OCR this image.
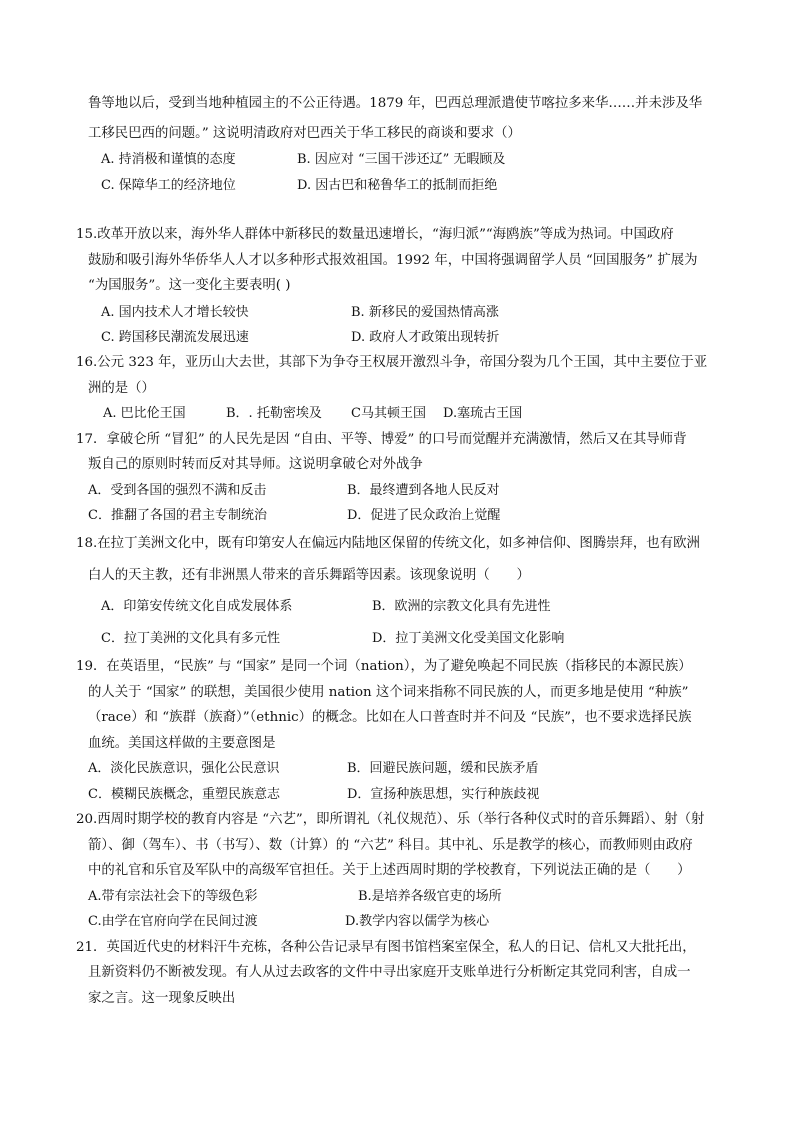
鲁等地以后，受到当地种植园主的不公正待遇。1879 年，巴西总理派遣使节喀拉多来华……并未涉及华
工移民巴西的问题。” 这说明清政府对巴西关于华工移民的商谈和要求（）
A. 持消极和谨慎的态度	B. 因应对 “三国干涉还辽” 无暇顾及
C. 保障华工的经济地位	D. 因古巴和秘鲁华工的抵制而拒绝
15.改革开放以来，海外华人群体中新移民的数量迅速增长，“海归派”“海鸥族”等成为热词。中国政府
鼓励和吸引海外华侨华人人才以多种形式报效祖国。1992 年，中国将强调留学人员 “回国服务” 扩展为
“为国服务”。这一变化主要表明( )
A. 国内技术人才增长较快	B. 新移民的爱国热情高涨
C. 跨国移民潮流发展迅速	D. 政府人才政策出现转折
16.公元 323 年，亚历山大去世，其部下为争夺王权展开激烈斗争，帝国分裂为几个王国，其中主要位于亚
洲的是（）
A. 巴比伦王国	B．. 托勒密埃及 C马其顿王国 D.塞琉古王国
17．拿破仑所 “冒犯” 的人民先是因 “自由、平等、博爱” 的口号而觉醒并充满激情，然后又在其导师背
叛自己的原则时转而反对其导师。这说明拿破仑对外战争
A．受到各国的强烈不满和反击	B．最终遭到各地人民反对
C．推翻了各国的君主专制统治	D．促进了民众政治上觉醒
18.在拉丁美洲文化中，既有印第安人在偏远内陆地区保留的传统文化，如多神信仰、图腾崇拜，也有欧洲
白人的天主教，还有非洲黑人带来的音乐舞蹈等因素。该现象说明（　　）
A．印第安传统文化自成发展体系	B．欧洲的宗教文化具有先进性
C．拉丁美洲的文化具有多元性	D．拉丁美洲文化受美国文化影响
19．在英语里，“民族” 与 “国家” 是同一个词（nation），为了避免唤起不同民族（指移民的本源民族）
的人关于 “国家” 的联想，美国很少使用 nation 这个词来指称不同民族的人，而更多地是使用 “种族”
（race）和 “族群（族裔）”（ethnic）的概念。比如在人口普查时并不问及 “民族”，也不要求选择民族
血统。美国这样做的主要意图是
A．淡化民族意识，强化公民意识	B．回避民族问题，缓和民族矛盾
C．模糊民族概念，重塑民族意志	D．宣扬种族思想，实行种族歧视
20.西周时期学校的教育内容是 “六艺”，即所谓礼（礼仪规范）、乐（举行各种仪式时的音乐舞蹈）、射（射
箭）、御（驾车）、书（书写）、数（计算）的 “六艺” 科目。其中礼、乐是教学的核心，而教师则由政府
中的礼官和乐官及军队中的高级军官担任。关于上述西周时期的学校教育，下列说法正确的是（　　）
A.带有宗法社会下的等级色彩	B.是培养各级官吏的场所
C.由学在官府向学在民间过渡	D.教学内容以儒学为核心
21．英国近代史的材料汗牛充栋，各种公告记录早有图书馆档案室保全，私人的日记、信札又大批托出，
且新资料仍不断被发现。有人从过去政客的文件中寻出家庭开支账单进行分析断定其党同利害，自成一
家之言。这一现象反映出
